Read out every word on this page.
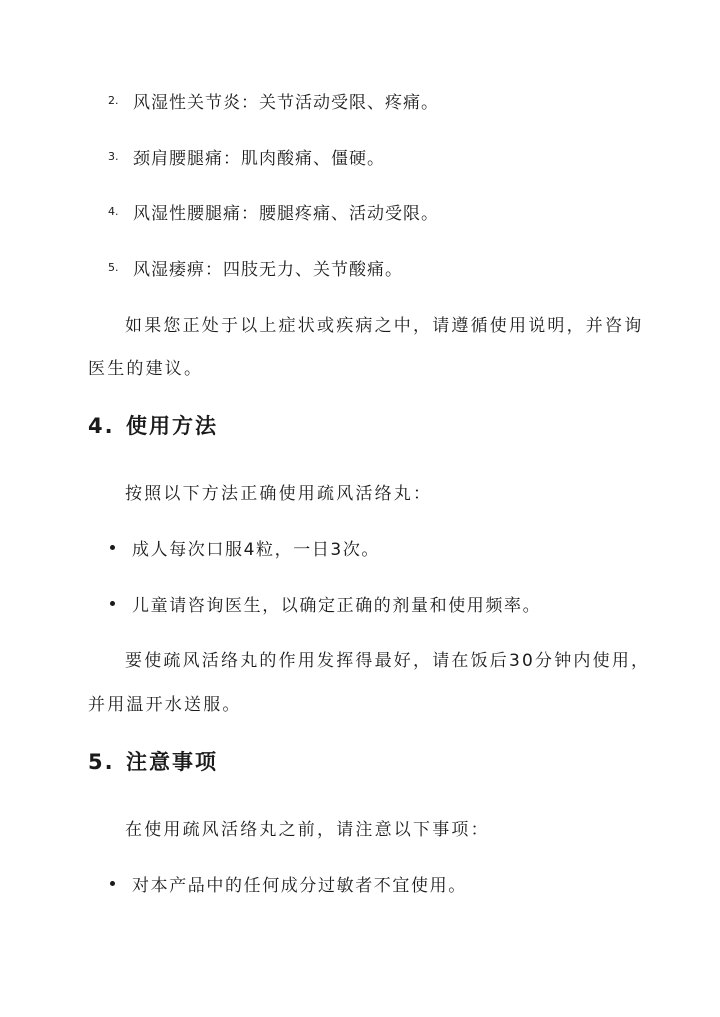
2. 风湿性关节炎：关节活动受限、疼痛。
3. 颈肩腰腿痛：肌肉酸痛、僵硬。
4. 风湿性腰腿痛：腰腿疼痛、活动受限。
5. 风湿痿痹：四肢无力、关节酸痛。
如果您正处于以上症状或疾病之中，请遵循使用说明，并咨询
医生的建议。
4. 使用方法
按照以下方法正确使用疏风活络丸：
成人每次口服4粒，一日3次。
儿童请咨询医生，以确定正确的剂量和使用频率。
要使疏风活络丸的作用发挥得最好，请在饭后30分钟内使用，
并用温开水送服。
5. 注意事项
在使用疏风活络丸之前，请注意以下事项：
对本产品中的任何成分过敏者不宜使用。
